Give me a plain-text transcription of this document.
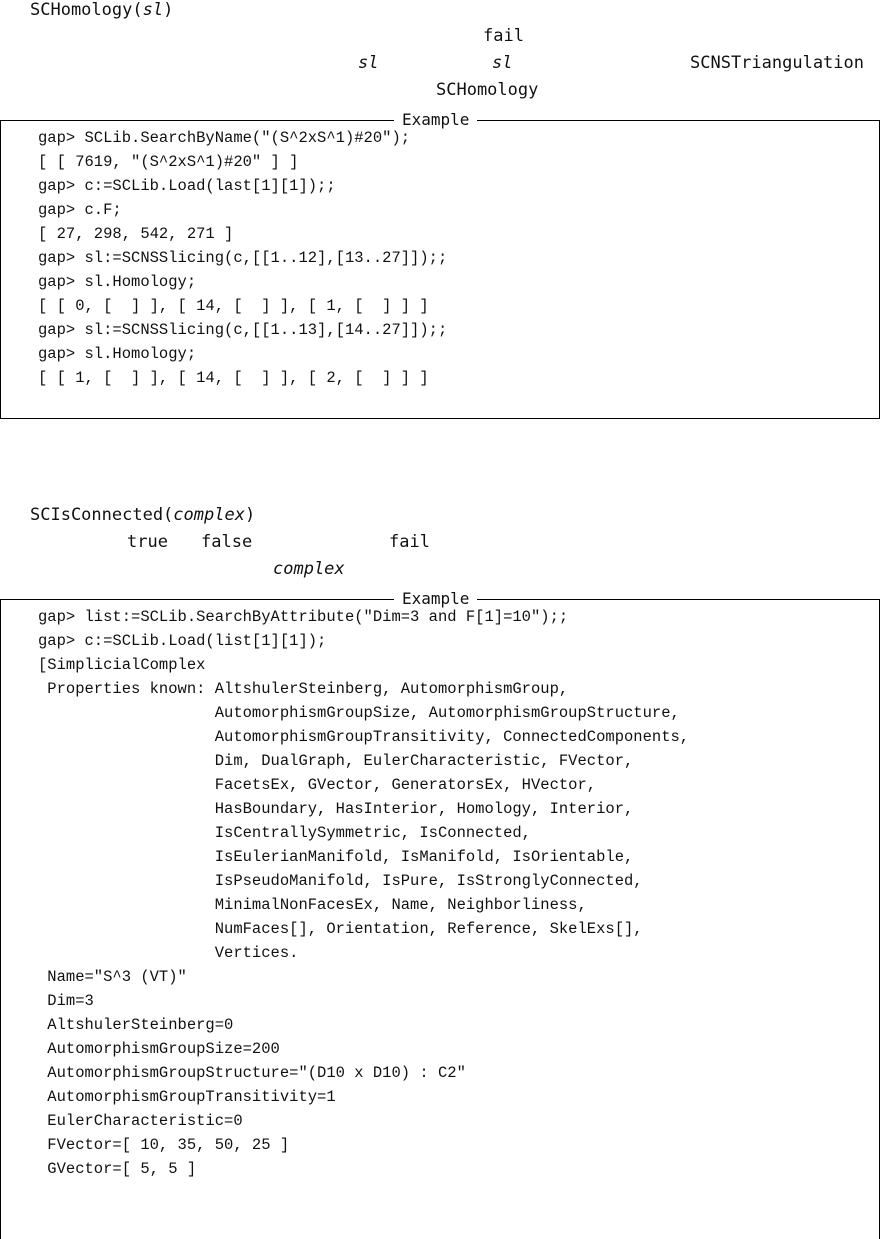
SCHomology(sl)
fail
sl	sl	SCNSTriangulation
SCHomology
Example
gap> SCLib.SearchByName("(S^2xS^1)#20");
[ [ 7619, "(S^2xS^1)#20" ] ]
gap> c:=SCLib.Load(last[1][1]);;
gap> c.F;
[ 27, 298, 542, 271 ]
gap> sl:=SCNSSlicing(c,[[1..12],[13..27]]);;
gap> sl.Homology;
[ [ 0, [  ] ], [ 14, [  ] ], [ 1, [  ] ] ]
gap> sl:=SCNSSlicing(c,[[1..13],[14..27]]);;
gap> sl.Homology;
[ [ 1, [  ] ], [ 14, [  ] ], [ 2, [  ] ] ]
SCIsConnected(complex)
true false	fail
complex
Example
gap> list:=SCLib.SearchByAttribute("Dim=3 and F[1]=10");;
gap> c:=SCLib.Load(list[1][1]);
[SimplicialComplex
Properties known: AltshulerSteinberg, AutomorphismGroup,
AutomorphismGroupSize, AutomorphismGroupStructure,
AutomorphismGroupTransitivity, ConnectedComponents,
Dim, DualGraph, EulerCharacteristic, FVector,
FacetsEx, GVector, GeneratorsEx, HVector,
HasBoundary, HasInterior, Homology, Interior,
IsCentrallySymmetric, IsConnected,
IsEulerianManifold, IsManifold, IsOrientable,
IsPseudoManifold, IsPure, IsStronglyConnected,
MinimalNonFacesEx, Name, Neighborliness,
NumFaces[], Orientation, Reference, SkelExs[],
Vertices.
Name="S^3 (VT)"
Dim=3
AltshulerSteinberg=0
AutomorphismGroupSize=200
AutomorphismGroupStructure="(D10 x D10) : C2"
AutomorphismGroupTransitivity=1
EulerCharacteristic=0
FVector=[ 10, 35, 50, 25 ]
GVector=[ 5, 5 ]
